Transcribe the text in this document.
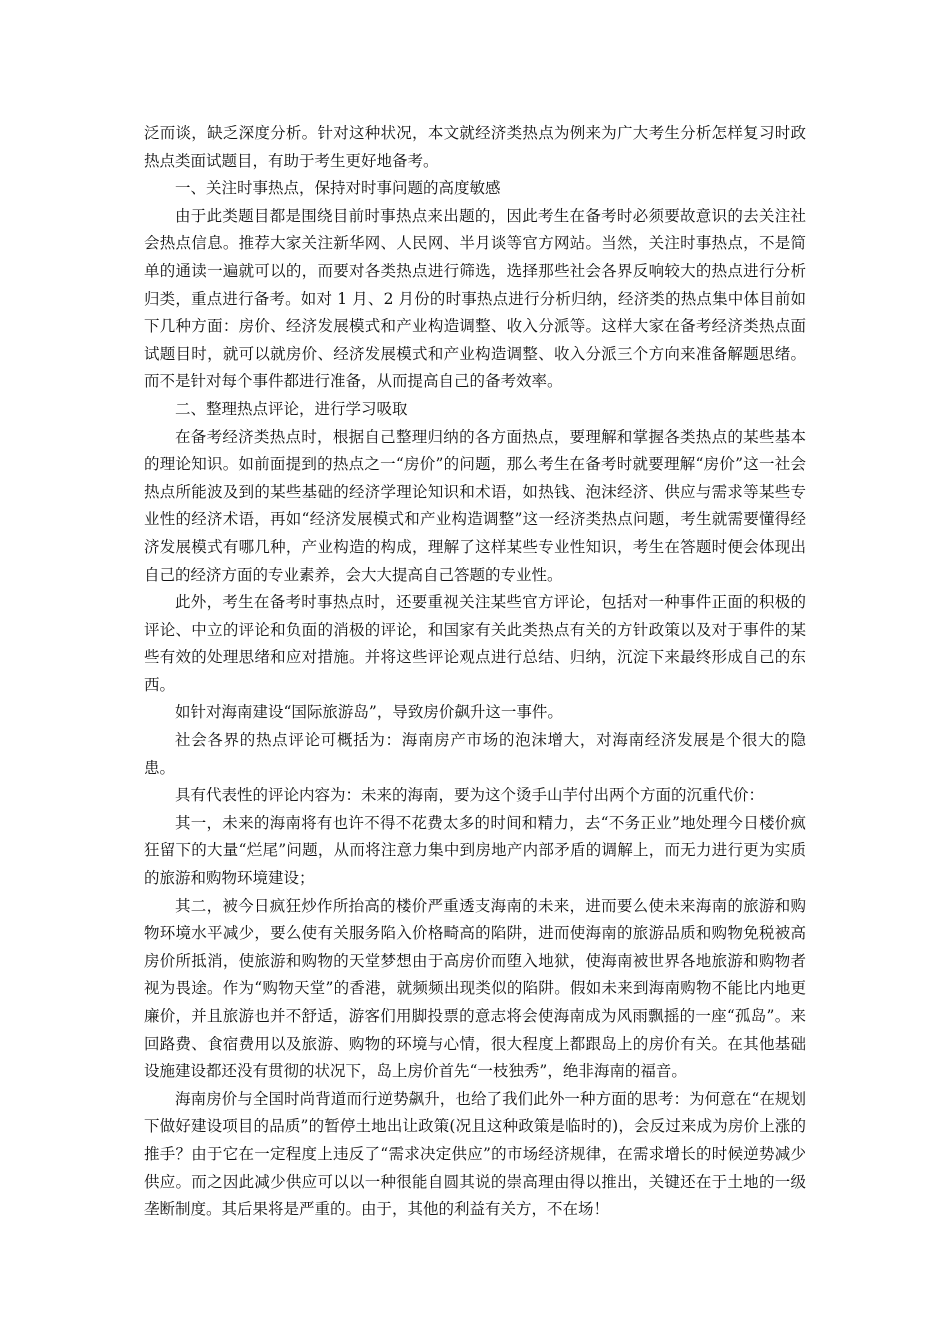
泛而谈，缺乏深度分析。针对这种状况，本文就经济类热点为例来为广大考生分析怎样复习时政热点类面试题目，有助于考生更好地备考。

一、关注时事热点，保持对时事问题的高度敏感

由于此类题目都是围绕目前时事热点来出题的，因此考生在备考时必须要故意识的去关注社会热点信息。推荐大家关注新华网、人民网、半月谈等官方网站。当然，关注时事热点，不是简单的通读一遍就可以的，而要对各类热点进行筛选，选择那些社会各界反响较大的热点进行分析归类，重点进行备考。如对 1 月、2 月份的时事热点进行分析归纳，经济类的热点集中体目前如下几种方面：房价、经济发展模式和产业构造调整、收入分派等。这样大家在备考经济类热点面试题目时，就可以就房价、经济发展模式和产业构造调整、收入分派三个方向来准备解题思绪。而不是针对每个事件都进行准备，从而提高自己的备考效率。

二、整理热点评论，进行学习吸取

在备考经济类热点时，根据自己整理归纳的各方面热点，要理解和掌握各类热点的某些基本的理论知识。如前面提到的热点之一“房价”的问题，那么考生在备考时就要理解“房价”这一社会热点所能波及到的某些基础的经济学理论知识和术语，如热钱、泡沫经济、供应与需求等某些专业性的经济术语，再如“经济发展模式和产业构造调整”这一经济类热点问题，考生就需要懂得经济发展模式有哪几种，产业构造的构成，理解了这样某些专业性知识，考生在答题时便会体现出自己的经济方面的专业素养，会大大提高自己答题的专业性。

此外，考生在备考时事热点时，还要重视关注某些官方评论，包括对一种事件正面的积极的评论、中立的评论和负面的消极的评论，和国家有关此类热点有关的方针政策以及对于事件的某些有效的处理思绪和应对措施。并将这些评论观点进行总结、归纳，沉淀下来最终形成自己的东西。

如针对海南建设“国际旅游岛”，导致房价飙升这一事件。

社会各界的热点评论可概括为：海南房产市场的泡沫增大，对海南经济发展是个很大的隐患。

具有代表性的评论内容为：未来的海南，要为这个烫手山芋付出两个方面的沉重代价：

其一，未来的海南将有也许不得不花费太多的时间和精力，去“不务正业”地处理今日楼价疯狂留下的大量“烂尾”问题，从而将注意力集中到房地产内部矛盾的调解上，而无力进行更为实质的旅游和购物环境建设；

其二，被今日疯狂炒作所抬高的楼价严重透支海南的未来，进而要么使未来海南的旅游和购物环境水平减少，要么使有关服务陷入价格畸高的陷阱，进而使海南的旅游品质和购物免税被高房价所抵消，使旅游和购物的天堂梦想由于高房价而堕入地狱，使海南被世界各地旅游和购物者视为畏途。作为“购物天堂”的香港，就频频出现类似的陷阱。假如未来到海南购物不能比内地更廉价，并且旅游也并不舒适，游客们用脚投票的意志将会使海南成为风雨飘摇的一座“孤岛”。来回路费、食宿费用以及旅游、购物的环境与心情，很大程度上都跟岛上的房价有关。在其他基础设施建设都还没有贯彻的状况下，岛上房价首先“一枝独秀”，绝非海南的福音。

海南房价与全国时尚背道而行逆势飙升，也给了我们此外一种方面的思考：为何意在“在规划下做好建设项目的品质”的暂停土地出让政策(况且这种政策是临时的)，会反过来成为房价上涨的推手？由于它在一定程度上违反了“需求决定供应”的市场经济规律，在需求增长的时候逆势减少供应。而之因此减少供应可以以一种很能自圆其说的崇高理由得以推出，关键还在于土地的一级垄断制度。其后果将是严重的。由于，其他的利益有关方，不在场！
